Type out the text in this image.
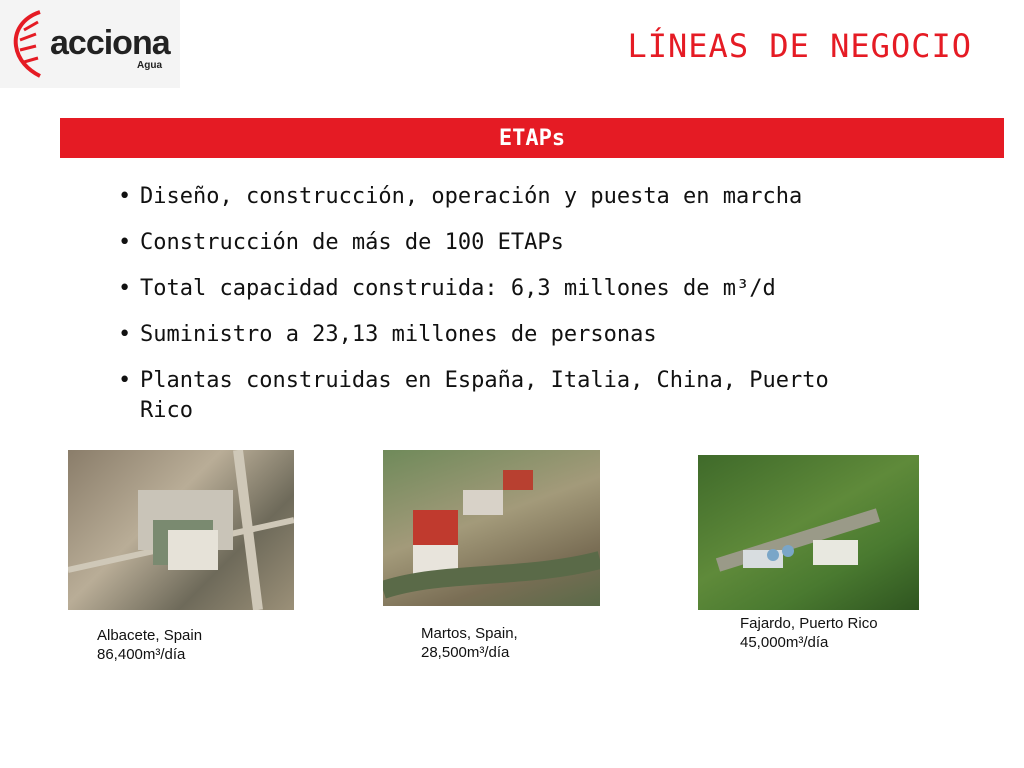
acciona
Agua
LÍNEAS DE NEGOCIO
ETAPs
• Diseño, construcción, operación y puesta en marcha
• Construcción de más de 100 ETAPs
• Total capacidad construida: 6,3 millones de m³/d
• Suministro a 23,13 millones de personas
• Plantas construidas en España, Italia, China, Puerto Rico
Albacete, Spain
86,400m³/día
Martos, Spain,
28,500m³/día
Fajardo, Puerto Rico
45,000m³/día
